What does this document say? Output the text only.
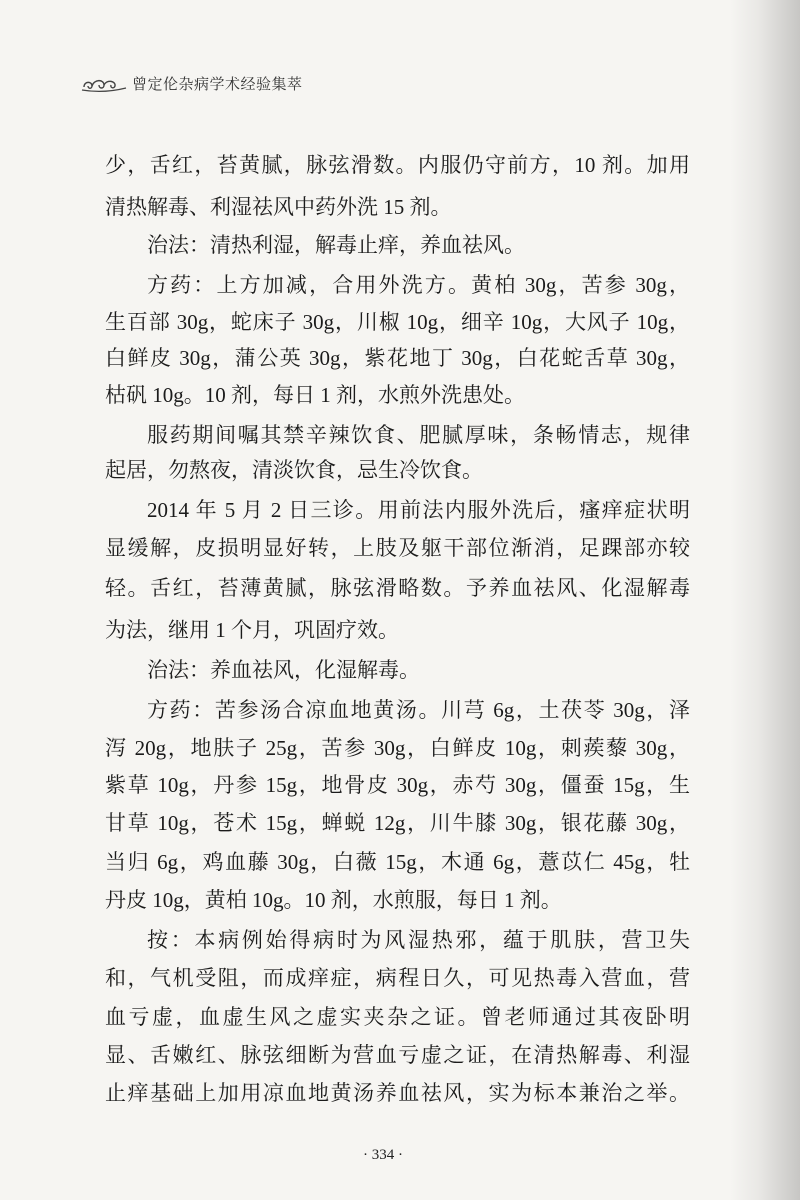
曾定伦杂病学术经验集萃
少，舌红，苔黄腻，脉弦滑数。内服仍守前方，10 剂。加用
清热解毒、利湿祛风中药外洗 15 剂。
治法：清热利湿，解毒止痒，养血祛风。
方药：上方加减，合用外洗方。黄柏 30g，苦参 30g，
生百部 30g，蛇床子 30g，川椒 10g，细辛 10g，大风子 10g，
白鲜皮 30g，蒲公英 30g，紫花地丁 30g，白花蛇舌草 30g，
枯矾 10g。10 剂，每日 1 剂，水煎外洗患处。
服药期间嘱其禁辛辣饮食、肥腻厚味，条畅情志，规律
起居，勿熬夜，清淡饮食，忌生冷饮食。
2014 年 5 月 2 日三诊。用前法内服外洗后，瘙痒症状明
显缓解，皮损明显好转，上肢及躯干部位渐消，足踝部亦较
轻。舌红，苔薄黄腻，脉弦滑略数。予养血祛风、化湿解毒
为法，继用 1 个月，巩固疗效。
治法：养血祛风，化湿解毒。
方药：苦参汤合凉血地黄汤。川芎 6g，土茯苓 30g，泽
泻 20g，地肤子 25g，苦参 30g，白鲜皮 10g，刺蒺藜 30g，
紫草 10g，丹参 15g，地骨皮 30g，赤芍 30g，僵蚕 15g，生
甘草 10g，苍术 15g，蝉蜕 12g，川牛膝 30g，银花藤 30g，
当归 6g，鸡血藤 30g，白薇 15g，木通 6g，薏苡仁 45g，牡
丹皮 10g，黄柏 10g。10 剂，水煎服，每日 1 剂。
按：本病例始得病时为风湿热邪，蕴于肌肤，营卫失
和，气机受阻，而成痒症，病程日久，可见热毒入营血，营
血亏虚，血虚生风之虚实夹杂之证。曾老师通过其夜卧明
显、舌嫩红、脉弦细断为营血亏虚之证，在清热解毒、利湿
止痒基础上加用凉血地黄汤养血祛风，实为标本兼治之举。
· 334 ·
